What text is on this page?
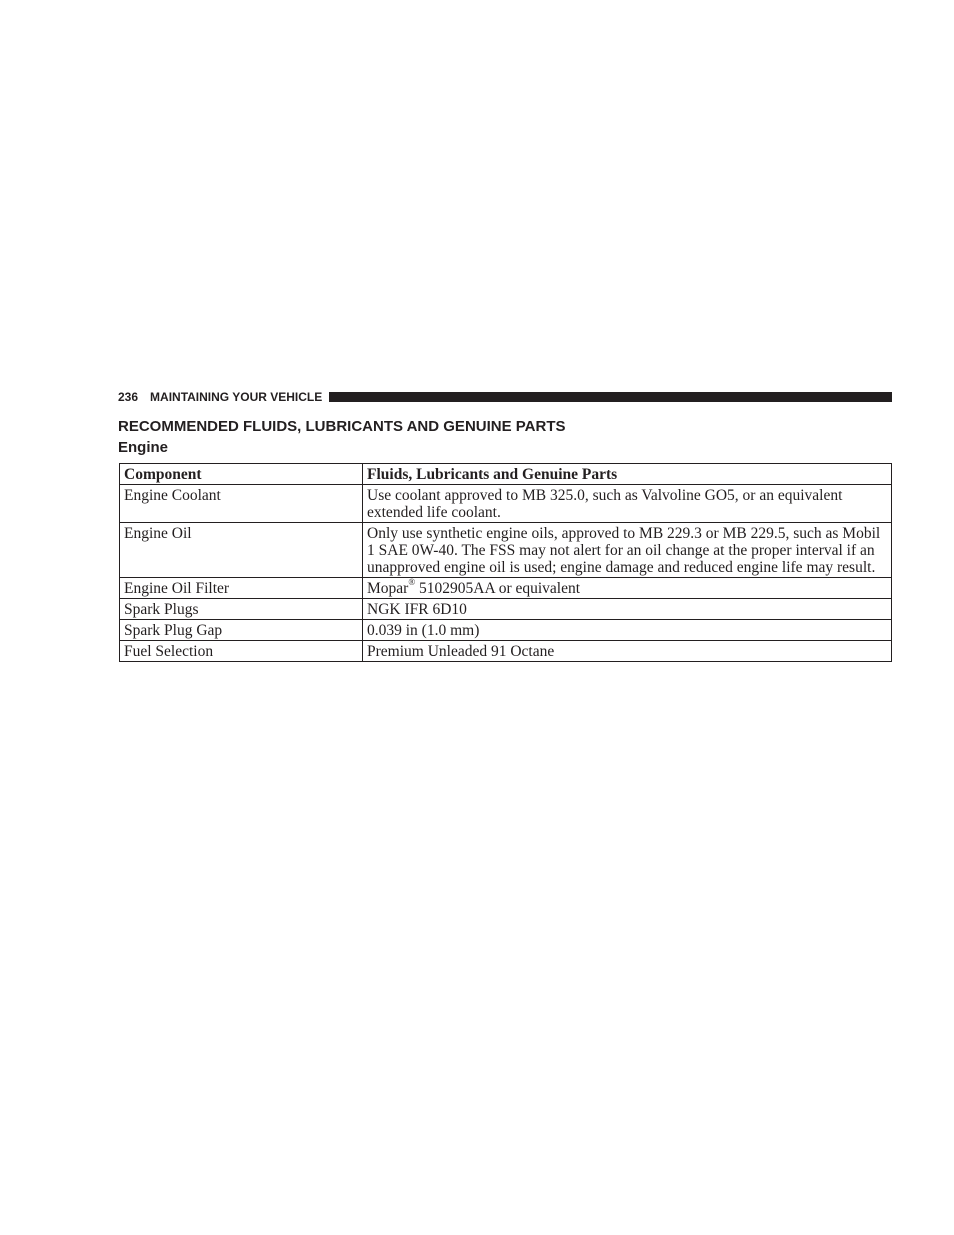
236 MAINTAINING YOUR VEHICLE
RECOMMENDED FLUIDS, LUBRICANTS AND GENUINE PARTS
Engine
Component	Fluids, Lubricants and Genuine Parts
Engine Coolant	Use coolant approved to MB 325.0, such as Valvoline GO5, or an equivalent extended life coolant.
Engine Oil	Only use synthetic engine oils, approved to MB 229.3 or MB 229.5, such as Mobil 1 SAE 0W-40. The FSS may not alert for an oil change at the proper interval if an unapproved engine oil is used; engine damage and reduced engine life may result.
Engine Oil Filter	Mopar® 5102905AA or equivalent
Spark Plugs	NGK IFR 6D10
Spark Plug Gap	0.039 in (1.0 mm)
Fuel Selection	Premium Unleaded 91 Octane
